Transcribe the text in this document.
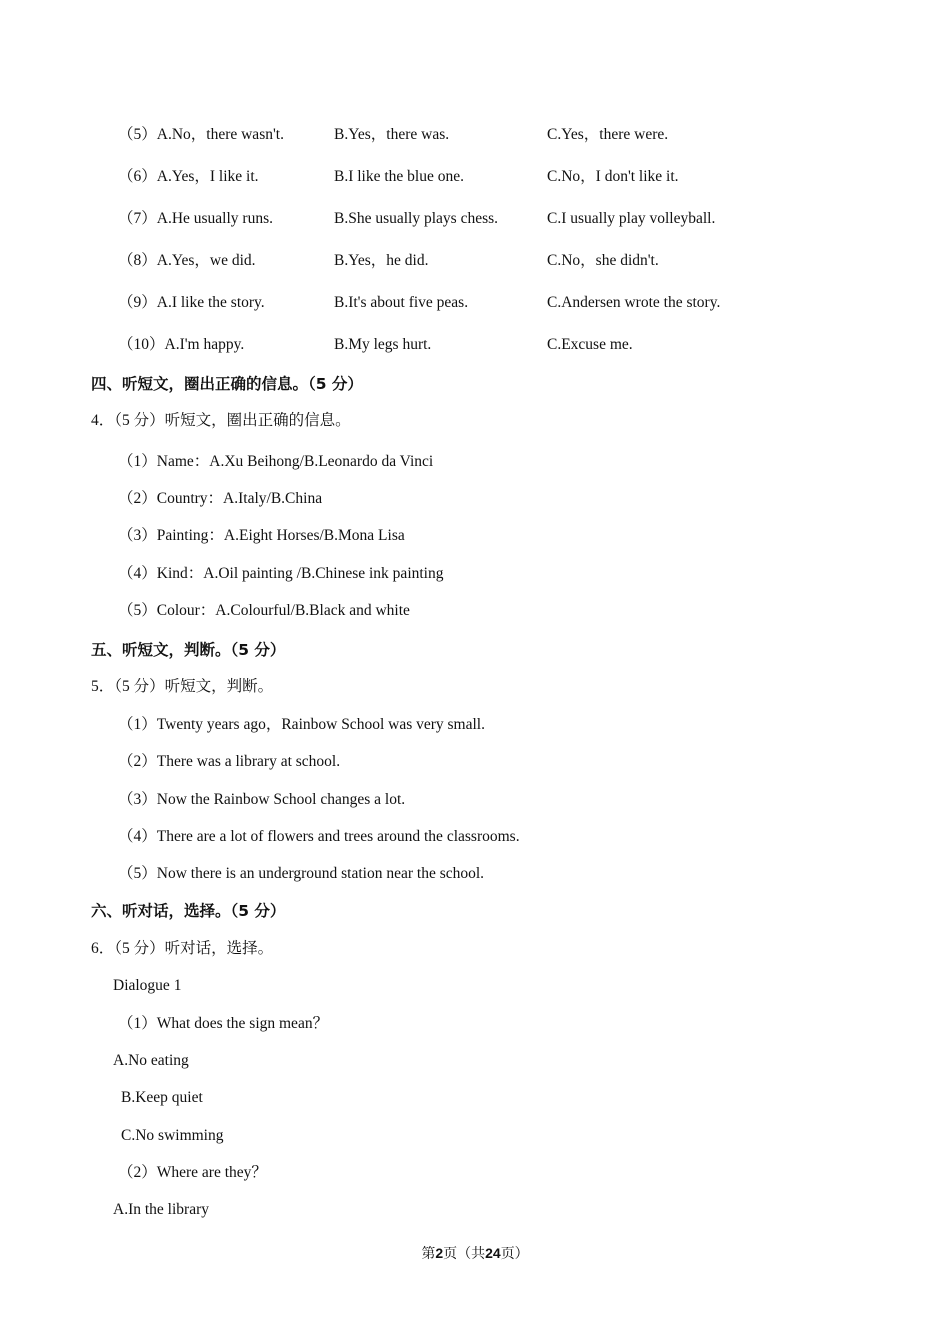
（5）A.No，there wasn't.	B.Yes，there was.	C.Yes，there were.
（6）A.Yes，I like it.	B.I like the blue one.	C.No，I don't like it.
（7）A.He usually runs.	B.She usually plays chess.	C.I usually play volleyball.
（8）A.Yes，we did.	B.Yes，he did.	C.No，she didn't.
（9）A.I like the story.	B.It's about five peas.	C.Andersen wrote the story.
（10）A.I'm happy.	B.My legs hurt.	C.Excuse me.
四、听短文，圈出正确的信息。（5 分）
4．（5 分）听短文，圈出正确的信息。
（1）Name：A.Xu Beihong/B.Leonardo da Vinci
（2）Country：A.Italy/B.China
（3）Painting：A.Eight Horses/B.Mona Lisa
（4）Kind：A.Oil painting /B.Chinese ink painting
（5）Colour：A.Colourful/B.Black and white
五、听短文，判断。（5 分）
5．（5 分）听短文，判断。
（1）Twenty years ago，Rainbow School was very small.
（2）There was a library at school.
（3）Now the Rainbow School changes a lot.
（4）There are a lot of flowers and trees around the classrooms.
（5）Now there is an underground station near the school.
六、听对话，选择。（5 分）
6．（5 分）听对话，选择。
Dialogue 1
（1）What does the sign mean？
A.No eating
B.Keep quiet
C.No swimming
（2）Where are they？
A.In the library
第2页（共24页）
